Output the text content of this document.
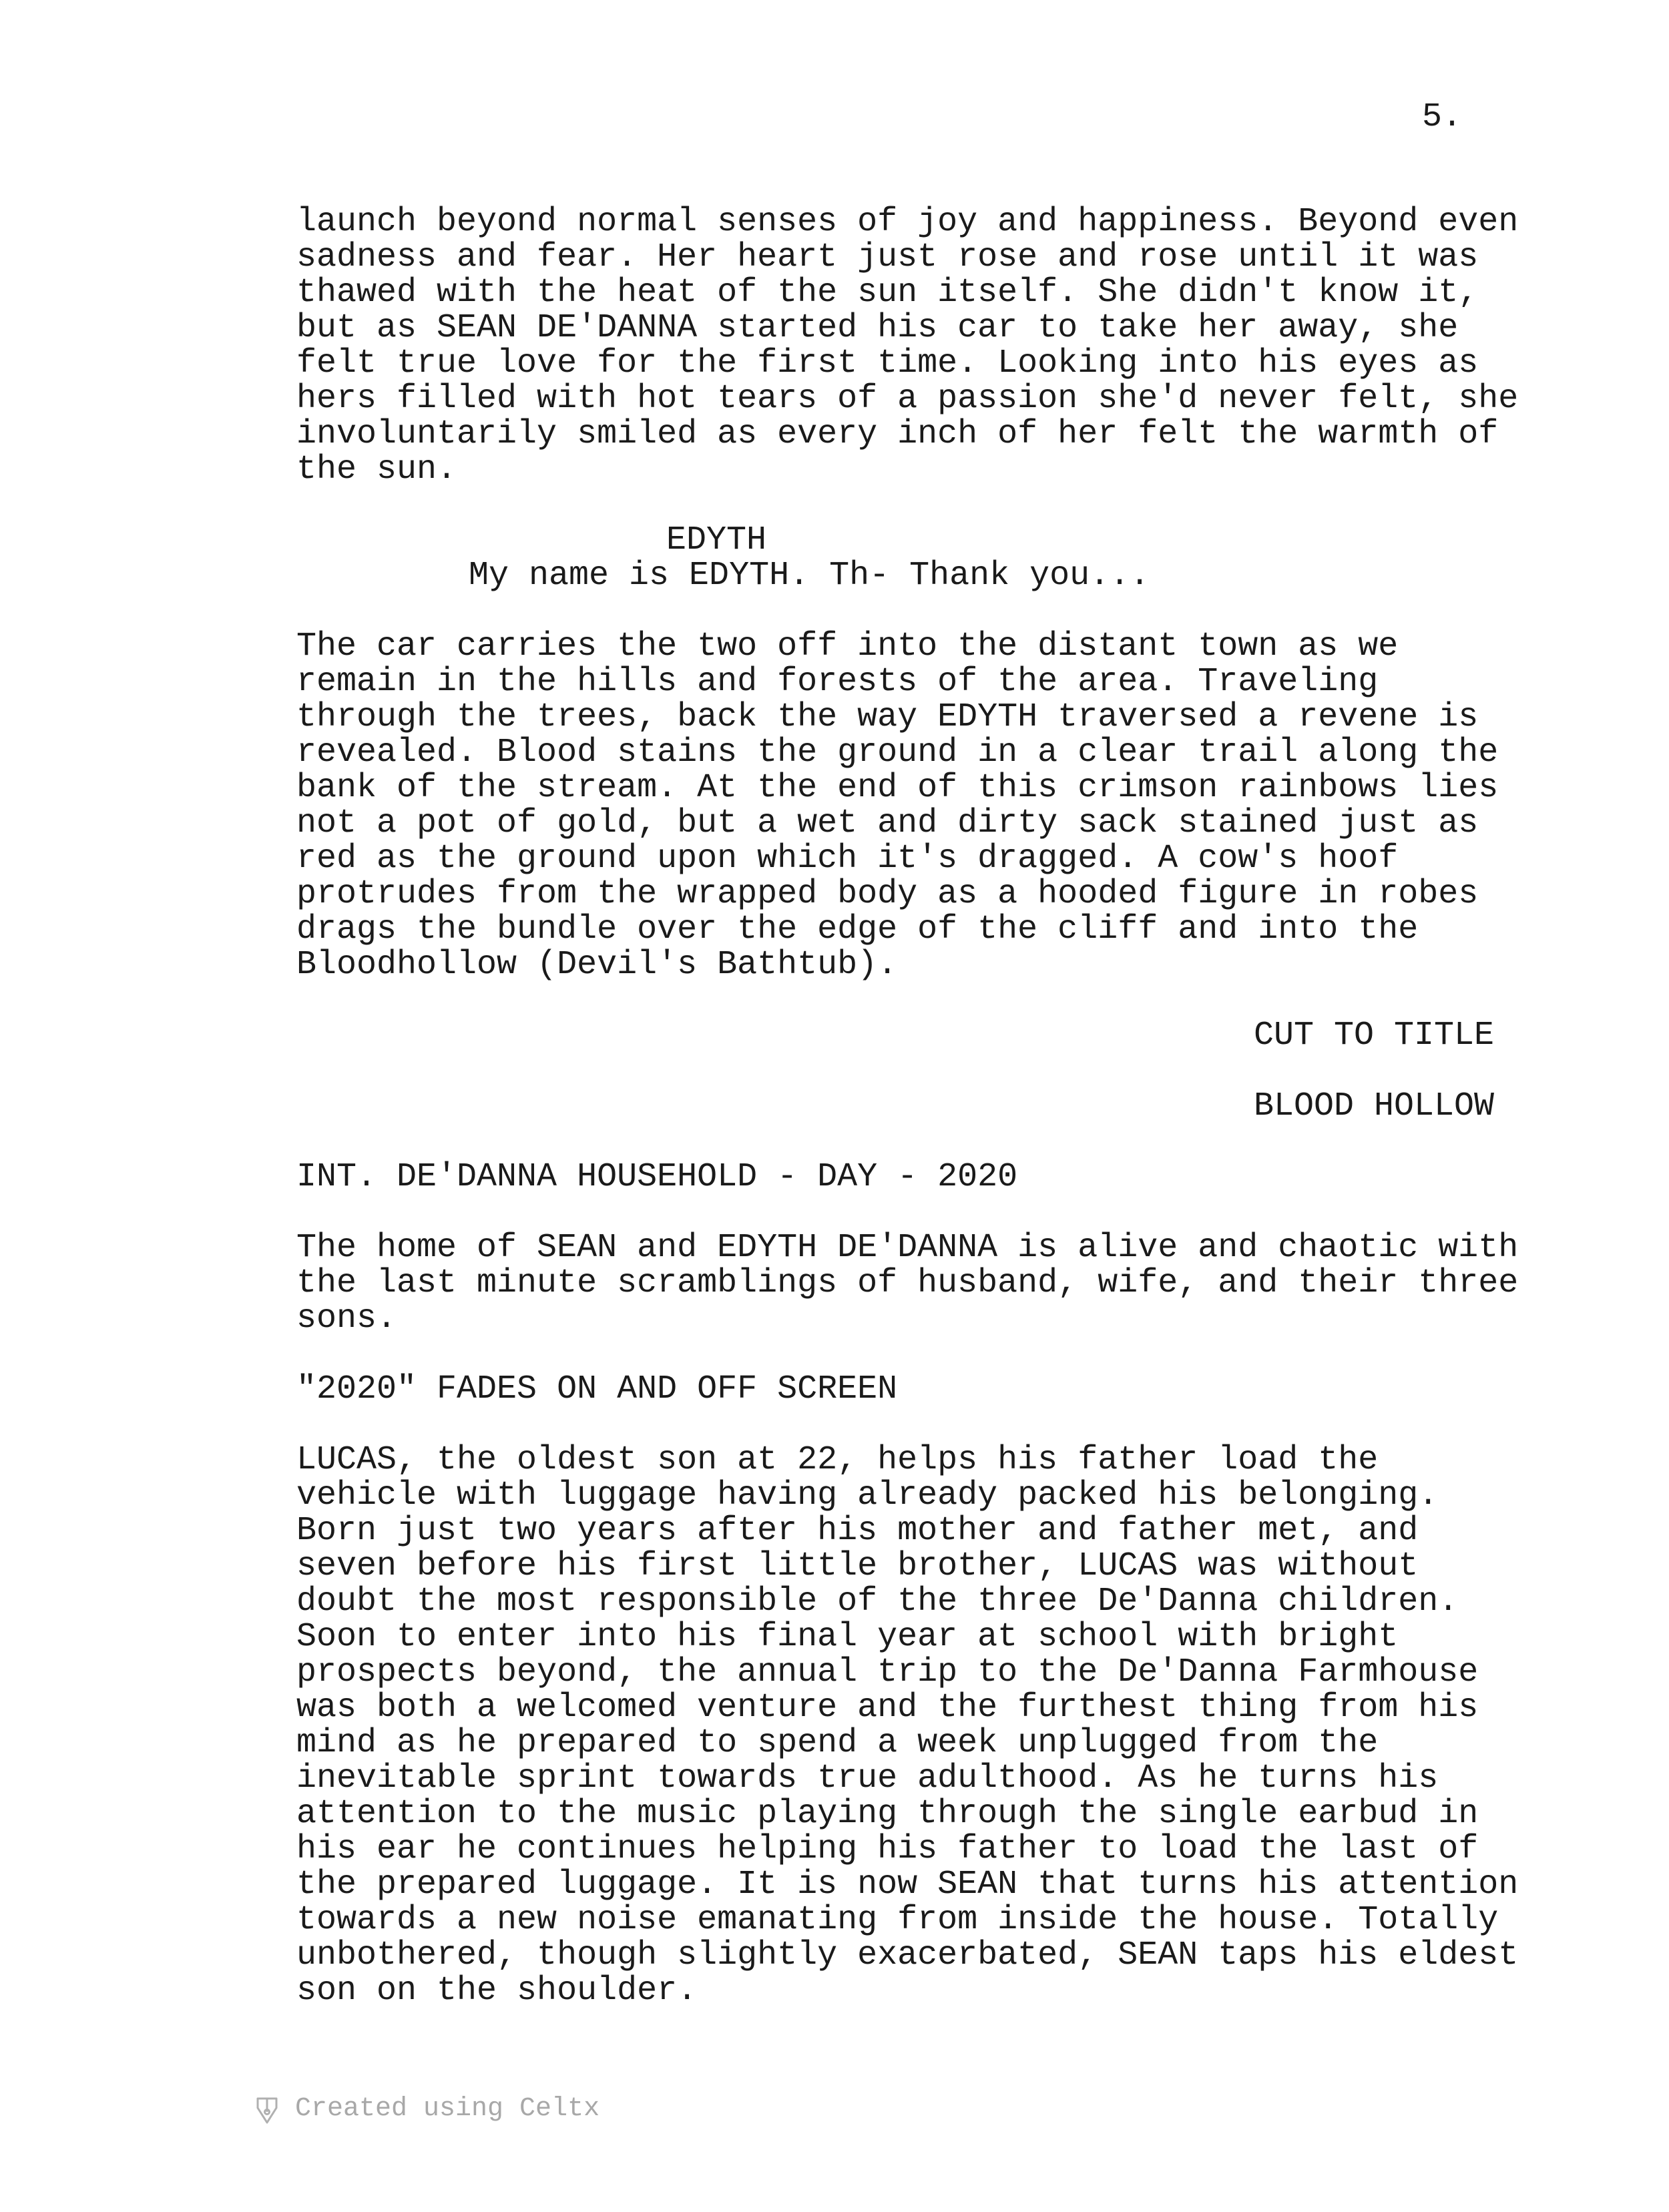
5.
launch beyond normal senses of joy and happiness. Beyond even
sadness and fear. Her heart just rose and rose until it was
thawed with the heat of the sun itself. She didn't know it,
but as SEAN DE'DANNA started his car to take her away, she
felt true love for the first time. Looking into his eyes as
hers filled with hot tears of a passion she'd never felt, she
involuntarily smiled as every inch of her felt the warmth of
the sun.
EDYTH
My name is EDYTH. Th- Thank you...
The car carries the two off into the distant town as we
remain in the hills and forests of the area. Traveling
through the trees, back the way EDYTH traversed a revene is
revealed. Blood stains the ground in a clear trail along the
bank of the stream. At the end of this crimson rainbows lies
not a pot of gold, but a wet and dirty sack stained just as
red as the ground upon which it's dragged. A cow's hoof
protrudes from the wrapped body as a hooded figure in robes
drags the bundle over the edge of the cliff and into the
Bloodhollow (Devil's Bathtub).
CUT TO TITLE
BLOOD HOLLOW
INT. DE'DANNA HOUSEHOLD - DAY - 2020
The home of SEAN and EDYTH DE'DANNA is alive and chaotic with
the last minute scramblings of husband, wife, and their three
sons.
"2020" FADES ON AND OFF SCREEN
LUCAS, the oldest son at 22, helps his father load the
vehicle with luggage having already packed his belonging.
Born just two years after his mother and father met, and
seven before his first little brother, LUCAS was without
doubt the most responsible of the three De'Danna children.
Soon to enter into his final year at school with bright
prospects beyond, the annual trip to the De'Danna Farmhouse
was both a welcomed venture and the furthest thing from his
mind as he prepared to spend a week unplugged from the
inevitable sprint towards true adulthood. As he turns his
attention to the music playing through the single earbud in
his ear he continues helping his father to load the last of
the prepared luggage. It is now SEAN that turns his attention
towards a new noise emanating from inside the house. Totally
unbothered, though slightly exacerbated, SEAN taps his eldest
son on the shoulder.

Created using Celtx
